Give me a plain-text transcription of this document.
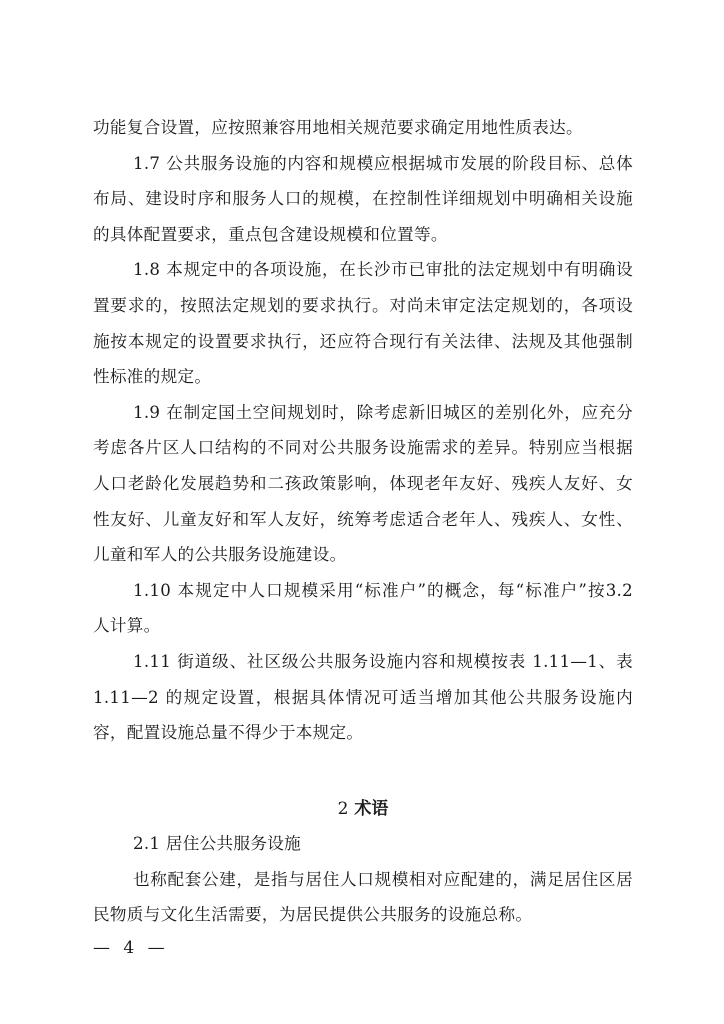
功能复合设置，应按照兼容用地相关规范要求确定用地性质表达。

1.7 公共服务设施的内容和规模应根据城市发展的阶段目标、总体布局、建设时序和服务人口的规模，在控制性详细规划中明确相关设施的具体配置要求，重点包含建设规模和位置等。

1.8 本规定中的各项设施，在长沙市已审批的法定规划中有明确设置要求的，按照法定规划的要求执行。对尚未审定法定规划的，各项设施按本规定的设置要求执行，还应符合现行有关法律、法规及其他强制性标准的规定。

1.9 在制定国土空间规划时，除考虑新旧城区的差别化外，应充分考虑各片区人口结构的不同对公共服务设施需求的差异。特别应当根据人口老龄化发展趋势和二孩政策影响，体现老年友好、残疾人友好、女性友好、儿童友好和军人友好，统筹考虑适合老年人、残疾人、女性、儿童和军人的公共服务设施建设。

1.10 本规定中人口规模采用“标准户”的概念，每“标准户”按3.2 人计算。

1.11 街道级、社区级公共服务设施内容和规模按表 1.11—1、表 1.11—2 的规定设置，根据具体情况可适当增加其他公共服务设施内容，配置设施总量不得少于本规定。

2 术语

2.1 居住公共服务设施

也称配套公建，是指与居住人口规模相对应配建的，满足居住区居民物质与文化生活需要，为居民提供公共服务的设施总称。

— 4 —
